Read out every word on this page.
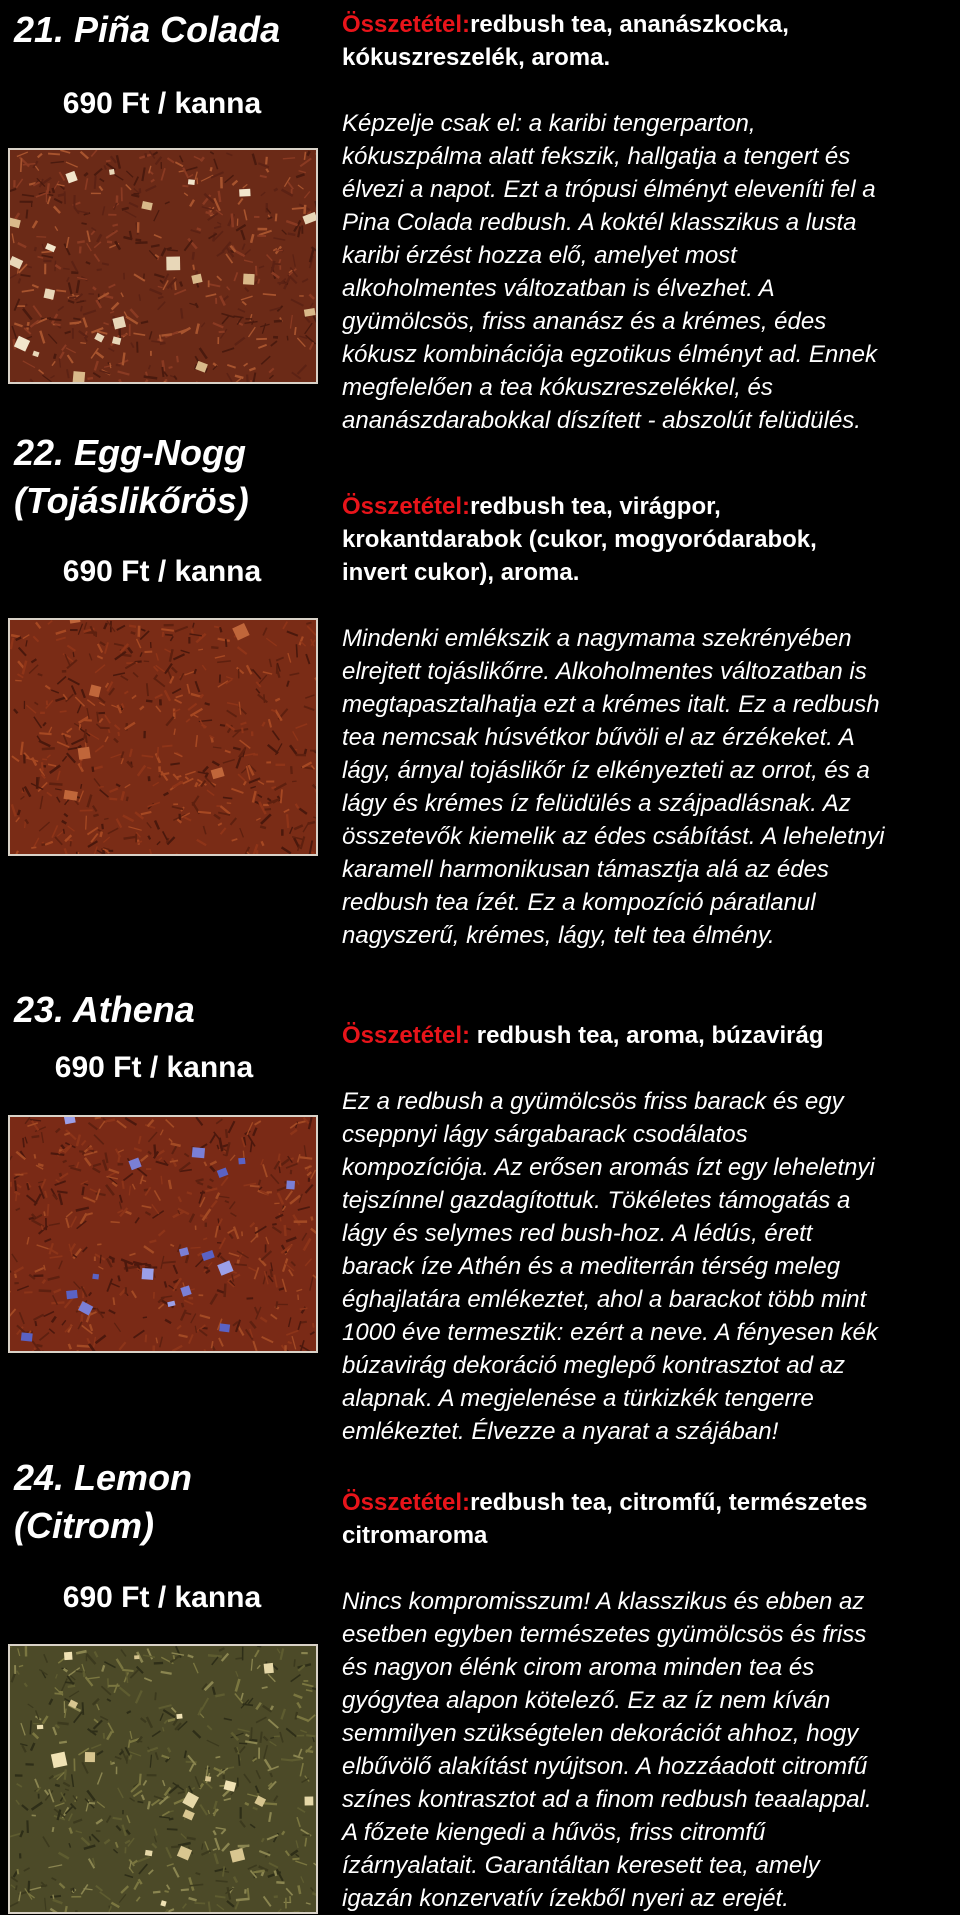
21. Piña Colada
690 Ft / kanna

Összetétel:redbush tea, ananászkocka,
kókuszreszelék, aroma.

Képzelje csak el: a karibi tengerparton,
kókuszpálma alatt fekszik, hallgatja a tengert és
élvezi a napot. Ezt a trópusi élményt eleveníti fel a
Pina Colada redbush. A koktél klasszikus a lusta
karibi érzést hozza elő, amelyet most
alkoholmentes változatban is élvezhet. A
gyümölcsös, friss ananász és a krémes, édes
kókusz kombinációja egzotikus élményt ad. Ennek
megfelelően a tea kókuszreszelékkel, és
ananászdarabokkal díszített - abszolút felüdülés.

22. Egg-Nogg
(Tojáslikőrös)
690 Ft / kanna

Összetétel:redbush tea, virágpor,
krokantdarabok (cukor, mogyoródarabok,
invert cukor), aroma.

Mindenki emlékszik a nagymama szekrényében
elrejtett tojáslikőrre. Alkoholmentes változatban is
megtapasztalhatja ezt a krémes italt. Ez a redbush
tea nemcsak húsvétkor bűvöli el az érzékeket. A
lágy, árnyal tojáslikőr íz elkényezteti az orrot, és a
lágy és krémes íz felüdülés a szájpadlásnak. Az
összetevők kiemelik az édes csábítást. A leheletnyi
karamell harmonikusan támasztja alá az édes
redbush tea ízét. Ez a kompozíció páratlanul
nagyszerű, krémes, lágy, telt tea élmény.

23. Athena
690 Ft / kanna

Összetétel: redbush tea, aroma, búzavirág

Ez a redbush a gyümölcsös friss barack és egy
cseppnyi lágy sárgabarack csodálatos
kompozíciója. Az erősen aromás ízt egy leheletnyi
tejszínnel gazdagítottuk. Tökéletes támogatás a
lágy és selymes red bush-hoz. A lédús, érett
barack íze Athén és a mediterrán térség meleg
éghajlatára emlékeztet, ahol a barackot több mint
1000 éve termesztik: ezért a neve. A fényesen kék
búzavirág dekoráció meglepő kontrasztot ad az
alapnak. A megjelenése a türkizkék tengerre
emlékeztet. Élvezze a nyarat a szájában!

24. Lemon
(Citrom)
690 Ft / kanna

Összetétel:redbush tea, citromfű, természetes
citromaroma

Nincs kompromisszum! A klasszikus és ebben az
esetben egyben természetes gyümölcsös és friss
és nagyon élénk cirom aroma minden tea és
gyógytea alapon kötelező. Ez az íz nem kíván
semmilyen szükségtelen dekorációt ahhoz, hogy
elbűvölő alakítást nyújtson. A hozzáadott citromfű
színes kontrasztot ad a finom redbush teaalappal.
A főzete kiengedi a hűvös, friss citromfű
ízárnyalatait. Garantáltan keresett tea, amely
igazán konzervatív ízekből nyeri az erejét.
